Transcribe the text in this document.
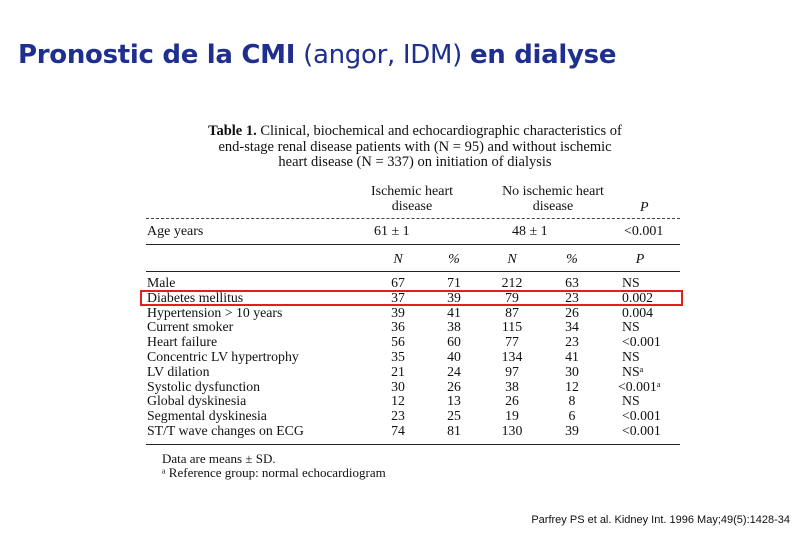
Pronostic de la CMI (angor, IDM) en dialyse
Table 1. Clinical, biochemical and echocardiographic characteristics of
end-stage renal disease patients with (N = 95) and without ischemic
heart disease (N = 337) on initiation of dialysis
Ischemic heart disease
No ischemic heart disease	P
Age years	61 ± 1	48 ± 1	<0.001
N	%	N	%	P
Male	67	71	212	63	NS
Diabetes mellitus	37	39	79	23	0.002
Hypertension > 10 years	39	41	87	26	0.004
Current smoker	36	38	115	34	NS
Heart failure	56	60	77	23	<0.001
Concentric LV hypertrophy	35	40	134	41	NS
LV dilation	21	24	97	30	NSᵃ
Systolic dysfunction	30	26	38	12	<0.001ᵃ
Global dyskinesia	12	13	26	8	NS
Segmental dyskinesia	23	25	19	6	<0.001
ST/T wave changes on ECG	74	81	130	39	<0.001
Data are means ± SD.
ᵃ Reference group: normal echocardiogram
Parfrey PS et al. Kidney Int. 1996 May;49(5):1428-34
